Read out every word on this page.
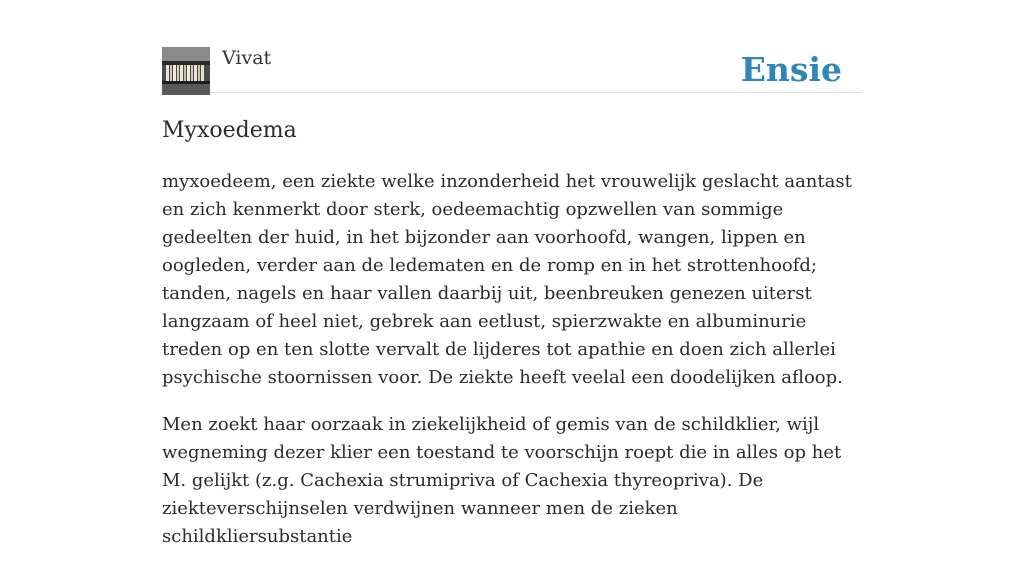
Vivat	Ensie
Myxoedema

myxoedeem, een ziekte welke inzonderheid het vrouwelijk geslacht aantast en zich kenmerkt door sterk, oedeemachtig opzwellen van sommige gedeelten der huid, in het bijzonder aan voorhoofd, wangen, lippen en oogleden, verder aan de ledematen en de romp en in het strottenhoofd; tanden, nagels en haar vallen daarbij uit, beenbreuken genezen uiterst langzaam of heel niet, gebrek aan eetlust, spierzwakte en albuminurie treden op en ten slotte vervalt de lijderes tot apathie en doen zich allerlei psychische stoornissen voor. De ziekte heeft veelal een doodelijken afloop.

Men zoekt haar oorzaak in ziekelijkheid of gemis van de schildklier, wijl wegneming dezer klier een toestand te voorschijn roept die in alles op het M. gelijkt (z.g. Cachexia strumipriva of Cachexia thyreopriva). De ziekteverschijnselen verdwijnen wanneer men de zieken schildkliersubstantie
